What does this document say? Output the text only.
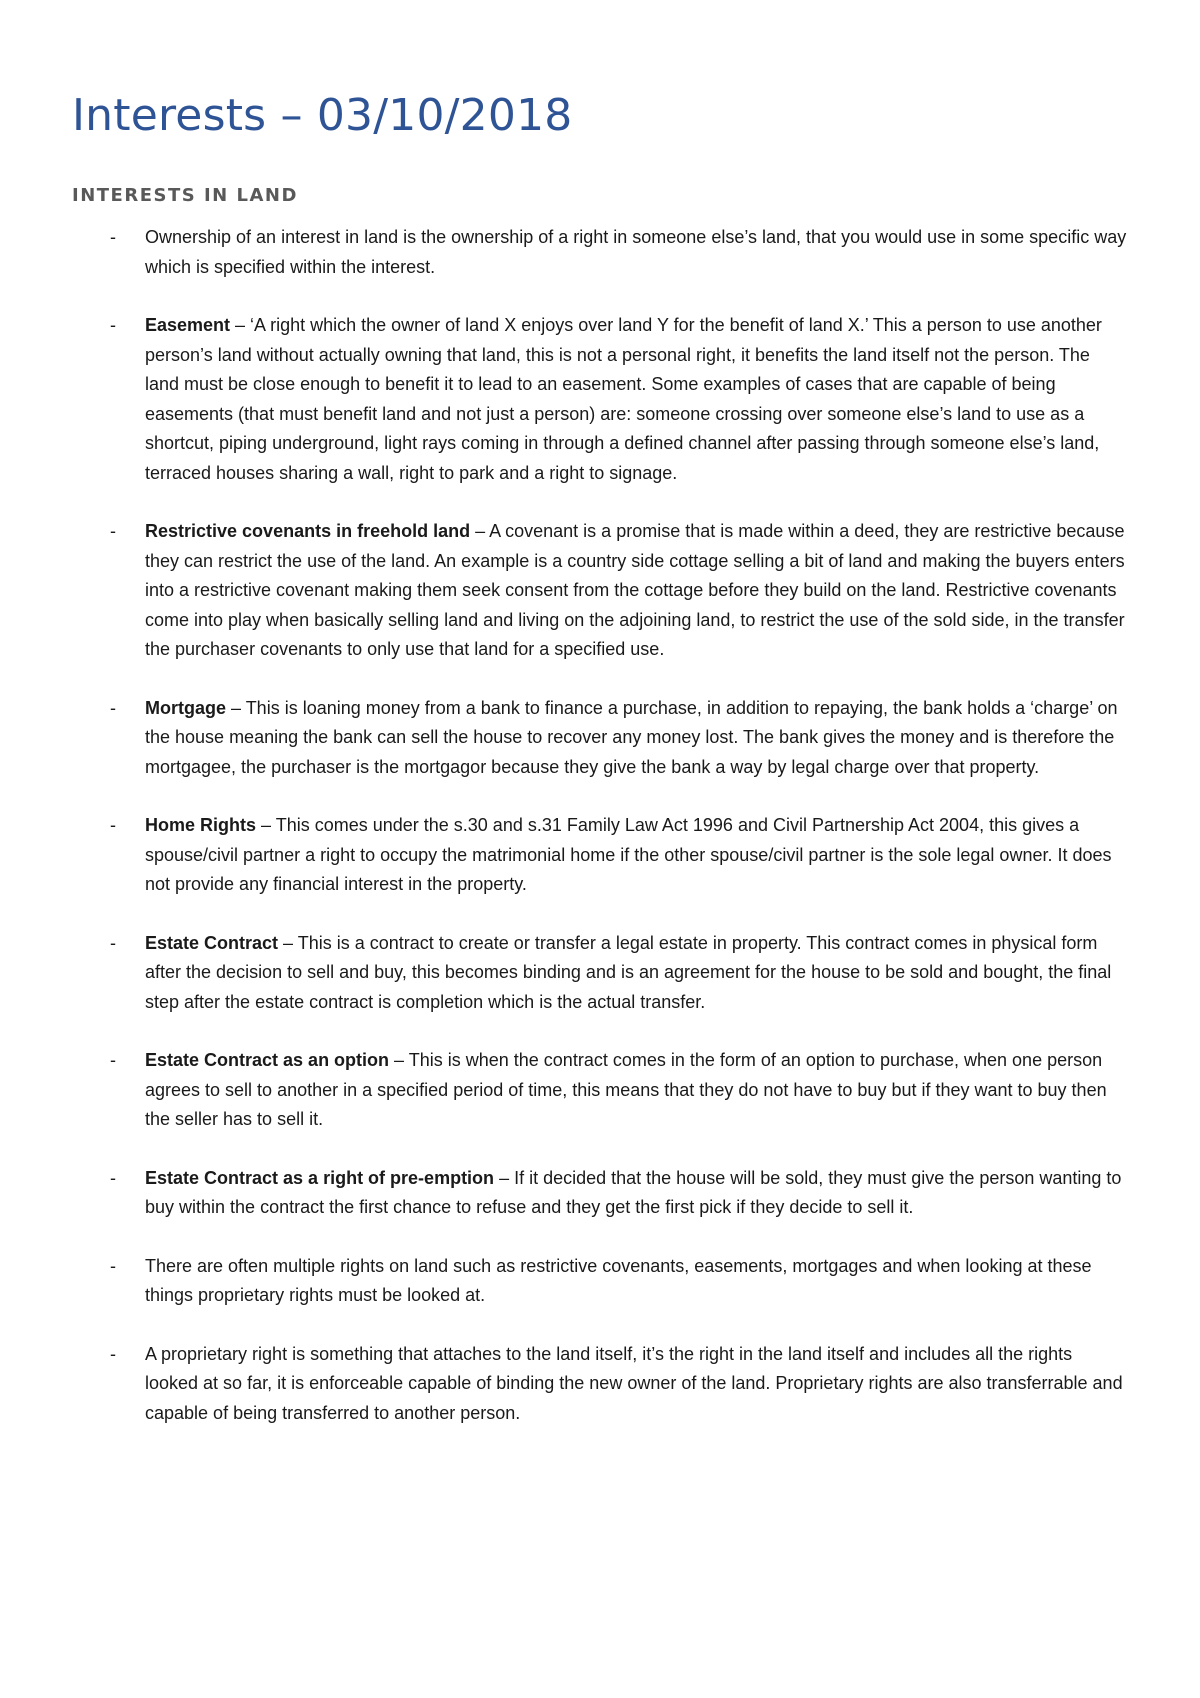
Interests – 03/10/2018
INTERESTS IN LAND
- Ownership of an interest in land is the ownership of a right in someone else’s land, that you would use in some specific way which is specified within the interest.
- Easement – ‘A right which the owner of land X enjoys over land Y for the benefit of land X.’ This a person to use another person’s land without actually owning that land, this is not a personal right, it benefits the land itself not the person. The land must be close enough to benefit it to lead to an easement. Some examples of cases that are capable of being easements (that must benefit land and not just a person) are: someone crossing over someone else’s land to use as a shortcut, piping underground, light rays coming in through a defined channel after passing through someone else’s land, terraced houses sharing a wall, right to park and a right to signage.
- Restrictive covenants in freehold land – A covenant is a promise that is made within a deed, they are restrictive because they can restrict the use of the land. An example is a country side cottage selling a bit of land and making the buyers enters into a restrictive covenant making them seek consent from the cottage before they build on the land. Restrictive covenants come into play when basically selling land and living on the adjoining land, to restrict the use of the sold side, in the transfer the purchaser covenants to only use that land for a specified use.
- Mortgage – This is loaning money from a bank to finance a purchase, in addition to repaying, the bank holds a ‘charge’ on the house meaning the bank can sell the house to recover any money lost. The bank gives the money and is therefore the mortgagee, the purchaser is the mortgagor because they give the bank a way by legal charge over that property.
- Home Rights – This comes under the s.30 and s.31 Family Law Act 1996 and Civil Partnership Act 2004, this gives a spouse/civil partner a right to occupy the matrimonial home if the other spouse/civil partner is the sole legal owner. It does not provide any financial interest in the property.
- Estate Contract – This is a contract to create or transfer a legal estate in property. This contract comes in physical form after the decision to sell and buy, this becomes binding and is an agreement for the house to be sold and bought, the final step after the estate contract is completion which is the actual transfer.
- Estate Contract as an option – This is when the contract comes in the form of an option to purchase, when one person agrees to sell to another in a specified period of time, this means that they do not have to buy but if they want to buy then the seller has to sell it.
- Estate Contract as a right of pre-emption – If it decided that the house will be sold, they must give the person wanting to buy within the contract the first chance to refuse and they get the first pick if they decide to sell it.
- There are often multiple rights on land such as restrictive covenants, easements, mortgages and when looking at these things proprietary rights must be looked at.
- A proprietary right is something that attaches to the land itself, it’s the right in the land itself and includes all the rights looked at so far, it is enforceable capable of binding the new owner of the land. Proprietary rights are also transferrable and capable of being transferred to another person.
